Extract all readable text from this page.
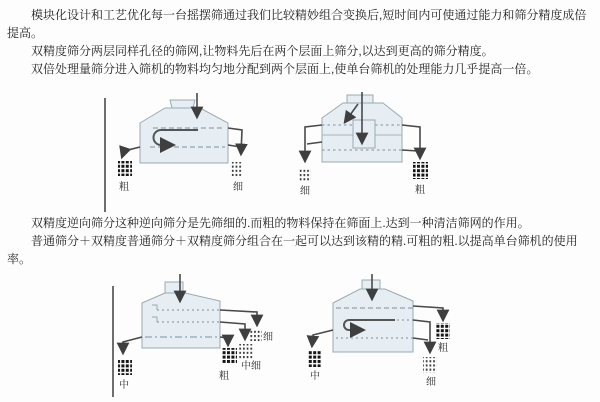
模块化设计和工艺优化每一台摇摆筛通过我们比较精妙组合变换后,短时间内可使通过能力和筛分精度成倍提高。

双精度筛分两层同样孔径的筛网,让物料先后在两个层面上筛分,以达到更高的筛分精度。

双倍处理量筛分进入筛机的物料均匀地分配到两个层面上,使单台筛机的处理能力几乎提高一倍。

粗	细	细	粗

双精度逆向筛分这种逆向筛分是先筛细的.而粗的物料保持在筛面上.达到一种清洁筛网的作用。

普通筛分＋双精度普通筛分＋双精度筛分组合在一起可以达到该精的精.可粗的粗.以提高单台筛机的使用率。

细
中细
粗
中
粗
细
中
